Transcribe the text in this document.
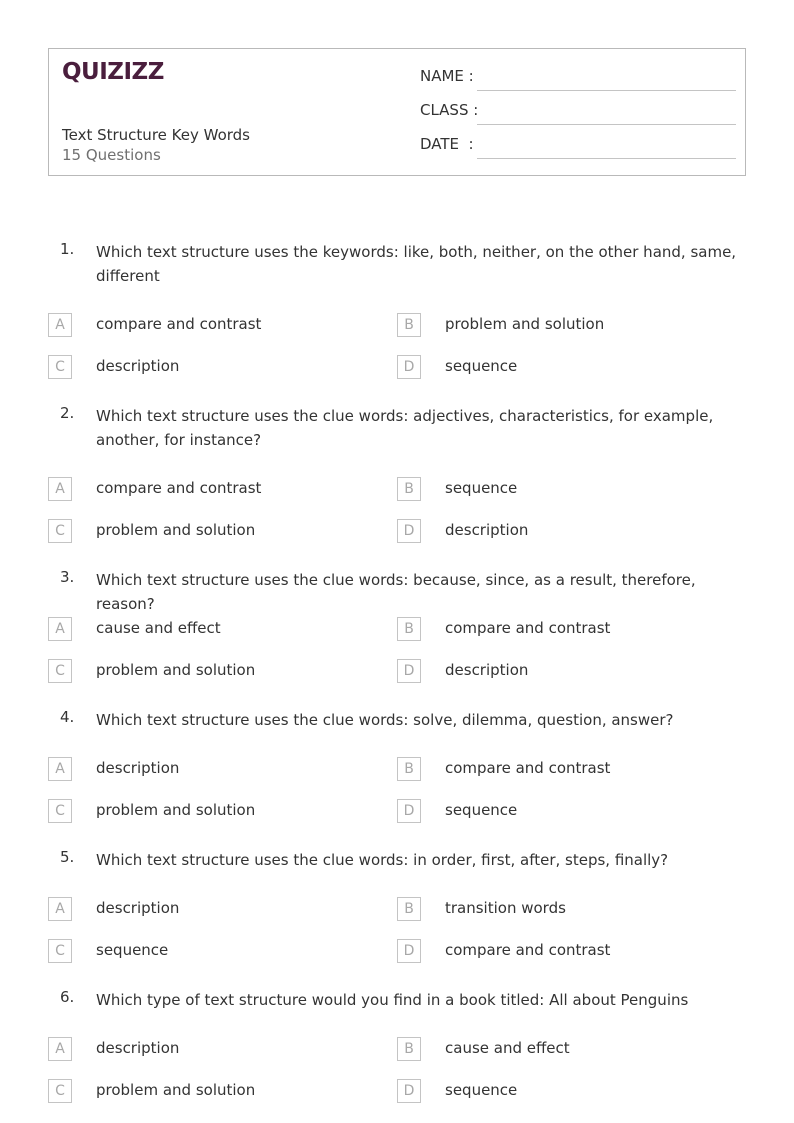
QUIZIZZ
Text Structure Key Words
15 Questions
NAME :
CLASS :
DATE  :
1. Which text structure uses the keywords: like, both, neither, on the other hand, same, different
A	compare and contrast	B	problem and solution
C	description	D	sequence
2. Which text structure uses the clue words: adjectives, characteristics, for example, another, for instance?
A	compare and contrast	B	sequence
C	problem and solution	D	description
3. Which text structure uses the clue words: because, since, as a result, therefore, reason?
A	cause and effect	B	compare and contrast
C	problem and solution	D	description
4. Which text structure uses the clue words: solve, dilemma, question, answer?
A	description	B	compare and contrast
C	problem and solution	D	sequence
5. Which text structure uses the clue words: in order, first, after, steps, finally?
A	description	B	transition words
C	sequence	D	compare and contrast
6. Which type of text structure would you find in a book titled: All about Penguins
A	description	B	cause and effect
C	problem and solution	D	sequence
